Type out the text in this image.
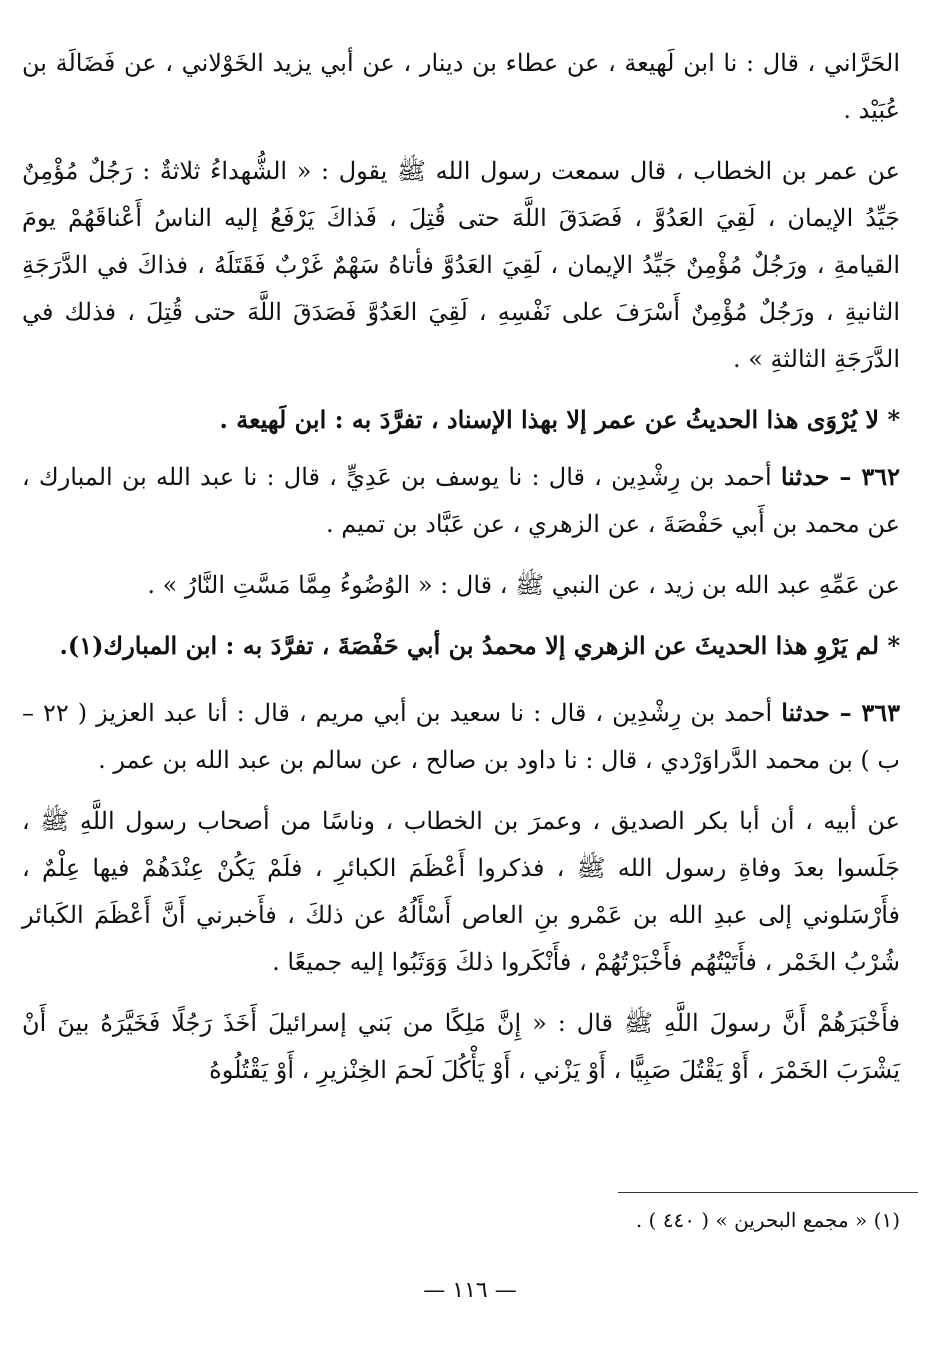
الحَرَّاني ، قال : نا ابن لَهيعة ، عن عطاء بن دينار ، عن أبي يزيد الخَوْلاني ، عن فَضَالَة بن عُبَيْد .

عن عمر بن الخطاب ، قال سمعت رسول الله ﷺ يقول : « الشُّهداءُ ثلاثةٌ : رَجُلٌ مُؤْمِنٌ جَيِّدُ الإيمان ، لَقِيَ العَدُوَّ ، فَصَدَقَ اللَّهَ حتى قُتِلَ ، فَذاكَ يَرْفَعُ إليه الناسُ أَعْناقَهُمْ يومَ القيامةِ ، ورَجُلٌ مُؤْمِنٌ جَيِّدُ الإيمان ، لَقِيَ العَدُوَّ فأتاهُ سَهْمٌ غَرْبٌ فَقَتَلَهُ ، فذاكَ في الدَّرَجَةِ الثانيةِ ، ورَجُلٌ مُؤْمِنٌ أَسْرَفَ على نَفْسِهِ ، لَقِيَ العَدُوَّ فَصَدَقَ اللَّهَ حتى قُتِلَ ، فذلك في الدَّرَجَةِ الثالثةِ » .

* لا يُرْوَى هذا الحديثُ عن عمر إلا بهذا الإسناد ، تفرَّدَ به : ابن لَهيعة .

٣٦٢ – حدثنا أحمد بن رِشْدِين ، قال : نا يوسف بن عَدِيٍّ ، قال : نا عبد الله بن المبارك ، عن محمد بن أَبي حَفْصَةَ ، عن الزهري ، عن عَبَّاد بن تميم .

عن عَمِّهِ عبد الله بن زيد ، عن النبي ﷺ ، قال : « الوُضُوءُ مِمَّا مَسَّتِ النَّارُ » .

* لم يَرْوِ هذا الحديثَ عن الزهري إلا محمدُ بن أبي حَفْصَةَ ، تفرَّدَ به : ابن المبارك(١).

٣٦٣ – حدثنا أحمد بن رِشْدِين ، قال : نا سعيد بن أبي مريم ، قال : أنا عبد العزيز ( ٢٢ – ب ) بن محمد الدَّراوَرْدي ، قال : نا داود بن صالح ، عن سالم بن عبد الله بن عمر .

عن أبيه ، أن أبا بكر الصديق ، وعمرَ بن الخطاب ، وناسًا من أصحاب رسول اللَّهِ ﷺ ، جَلَسوا بعدَ وفاةِ رسول الله ﷺ ، فذكروا أَعْظَمَ الكبائرِ ، فلَمْ يَكُنْ عِنْدَهُمْ فيها عِلْمٌ ، فأَرْسَلوني إلى عبدِ الله بن عَمْرو بنِ العاص أَسْأَلُهُ عن ذلكَ ، فأَخبرني أَنَّ أَعْظَمَ الكَبائر شُرْبُ الخَمْر ، فأَتَيْتُهُم فأَخْبَرْتُهُمْ ، فأَنْكَروا ذلكَ وَوَثَبُوا إليه جميعًا .

فأَخْبَرَهُمْ أَنَّ رسولَ اللَّهِ ﷺ قال : « إِنَّ مَلِكًا من بَني إسرائيلَ أَخَذَ رَجُلًا فَخَيَّرَهُ بينَ أَنْ يَشْرَبَ الخَمْرَ ، أَوْ يَقْتُلَ صَبِيًّا ، أَوْ يَزْني ، أَوْ يَأْكُلَ لَحمَ الخِنْزيرِ ، أَوْ يَقْتُلُوهُ

(١) « مجمع البحرين » ( ٤٤٠ ) .
— ١١٦ —
